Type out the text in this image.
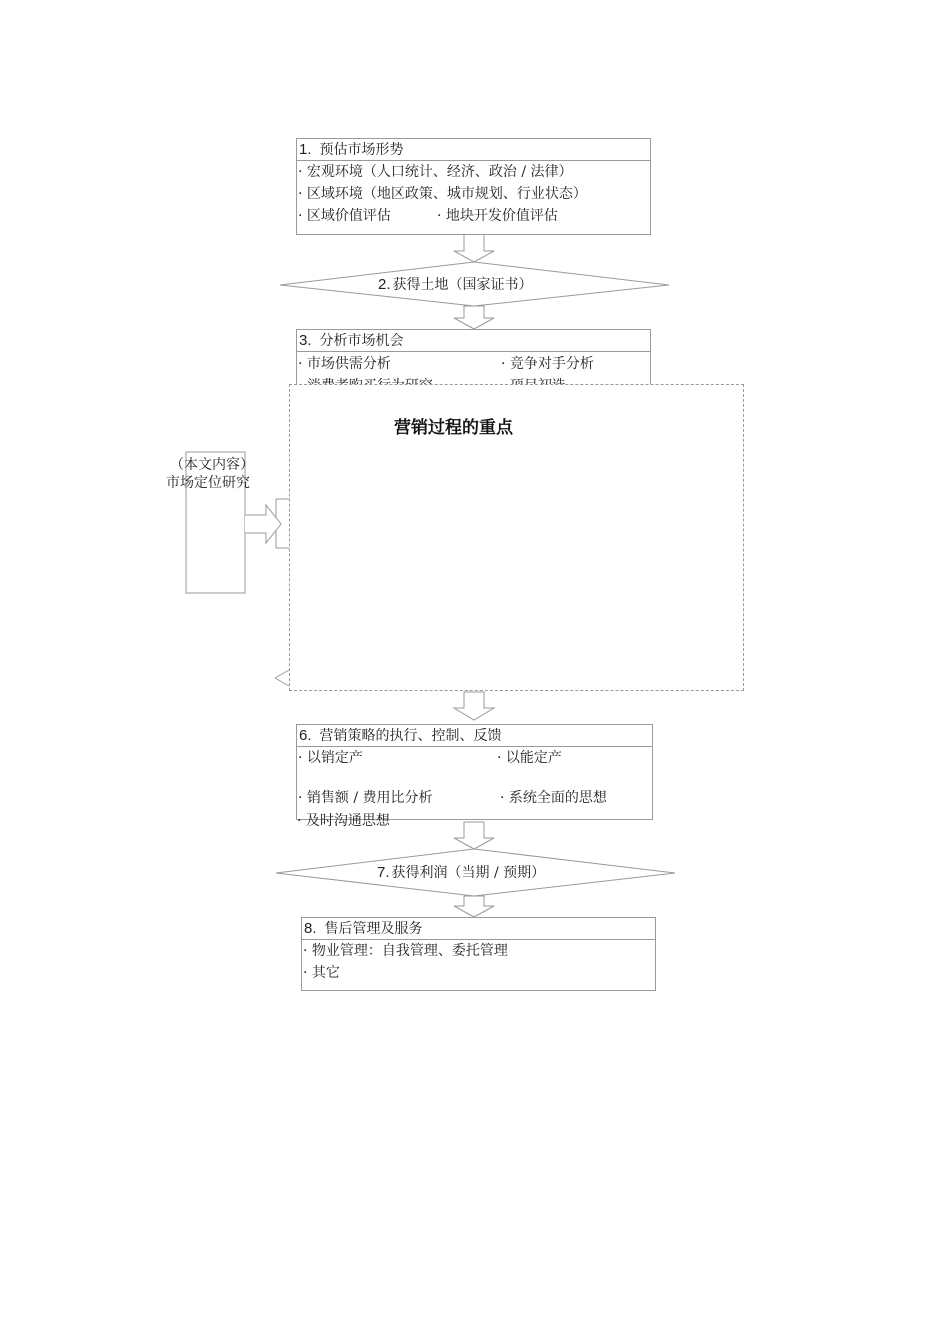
1. 预估市场形势
· 宏观环境（人口统计、经济、政治 / 法律）
· 区域环境（地区政策、城市规划、行业状态）
· 区域价值评估	· 地块开发价值评估
2. 获得土地（国家证书）
3. 分析市场机会
· 市场供需分析	· 竞争对手分析
（本文内容）
市场定位研究
营销过程的重点
6. 营销策略的执行、控制、反馈
· 以销定产	· 以能定产
· 销售额 / 费用比分析	· 系统全面的思想
· 及时沟通思想
7. 获得利润（当期 / 预期）
8. 售后管理及服务
· 物业管理：自我管理、委托管理
· 其它
